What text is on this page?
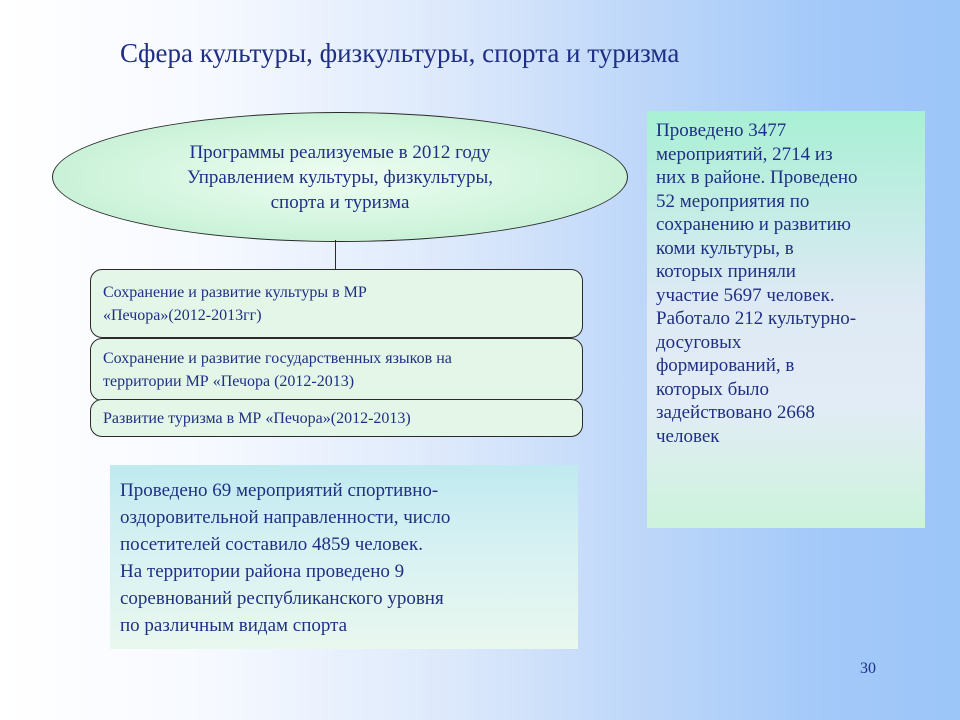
Сфера культуры, физкультуры, спорта и туризма
Программы реализуемые в 2012 году
Управлением культуры, физкультуры,
спорта и туризма
Сохранение и развитие культуры в МР
«Печора»(2012-2013гг)
Сохранение и развитие государственных языков на
территории МР «Печора (2012-2013)
Развитие туризма в МР «Печора»(2012-2013)
Проведено 69 мероприятий спортивно-
оздоровительной направленности, число
посетителей составило 4859 человек.
На территории района проведено 9
соревнований республиканского уровня
по различным видам спорта
Проведено 3477
мероприятий, 2714 из
них в районе. Проведено
52 мероприятия по
сохранению и развитию
коми культуры, в
которых приняли
участие 5697 человек.
Работало 212 культурно-
досуговых
формирований, в
которых было
задействовано 2668
человек
30
